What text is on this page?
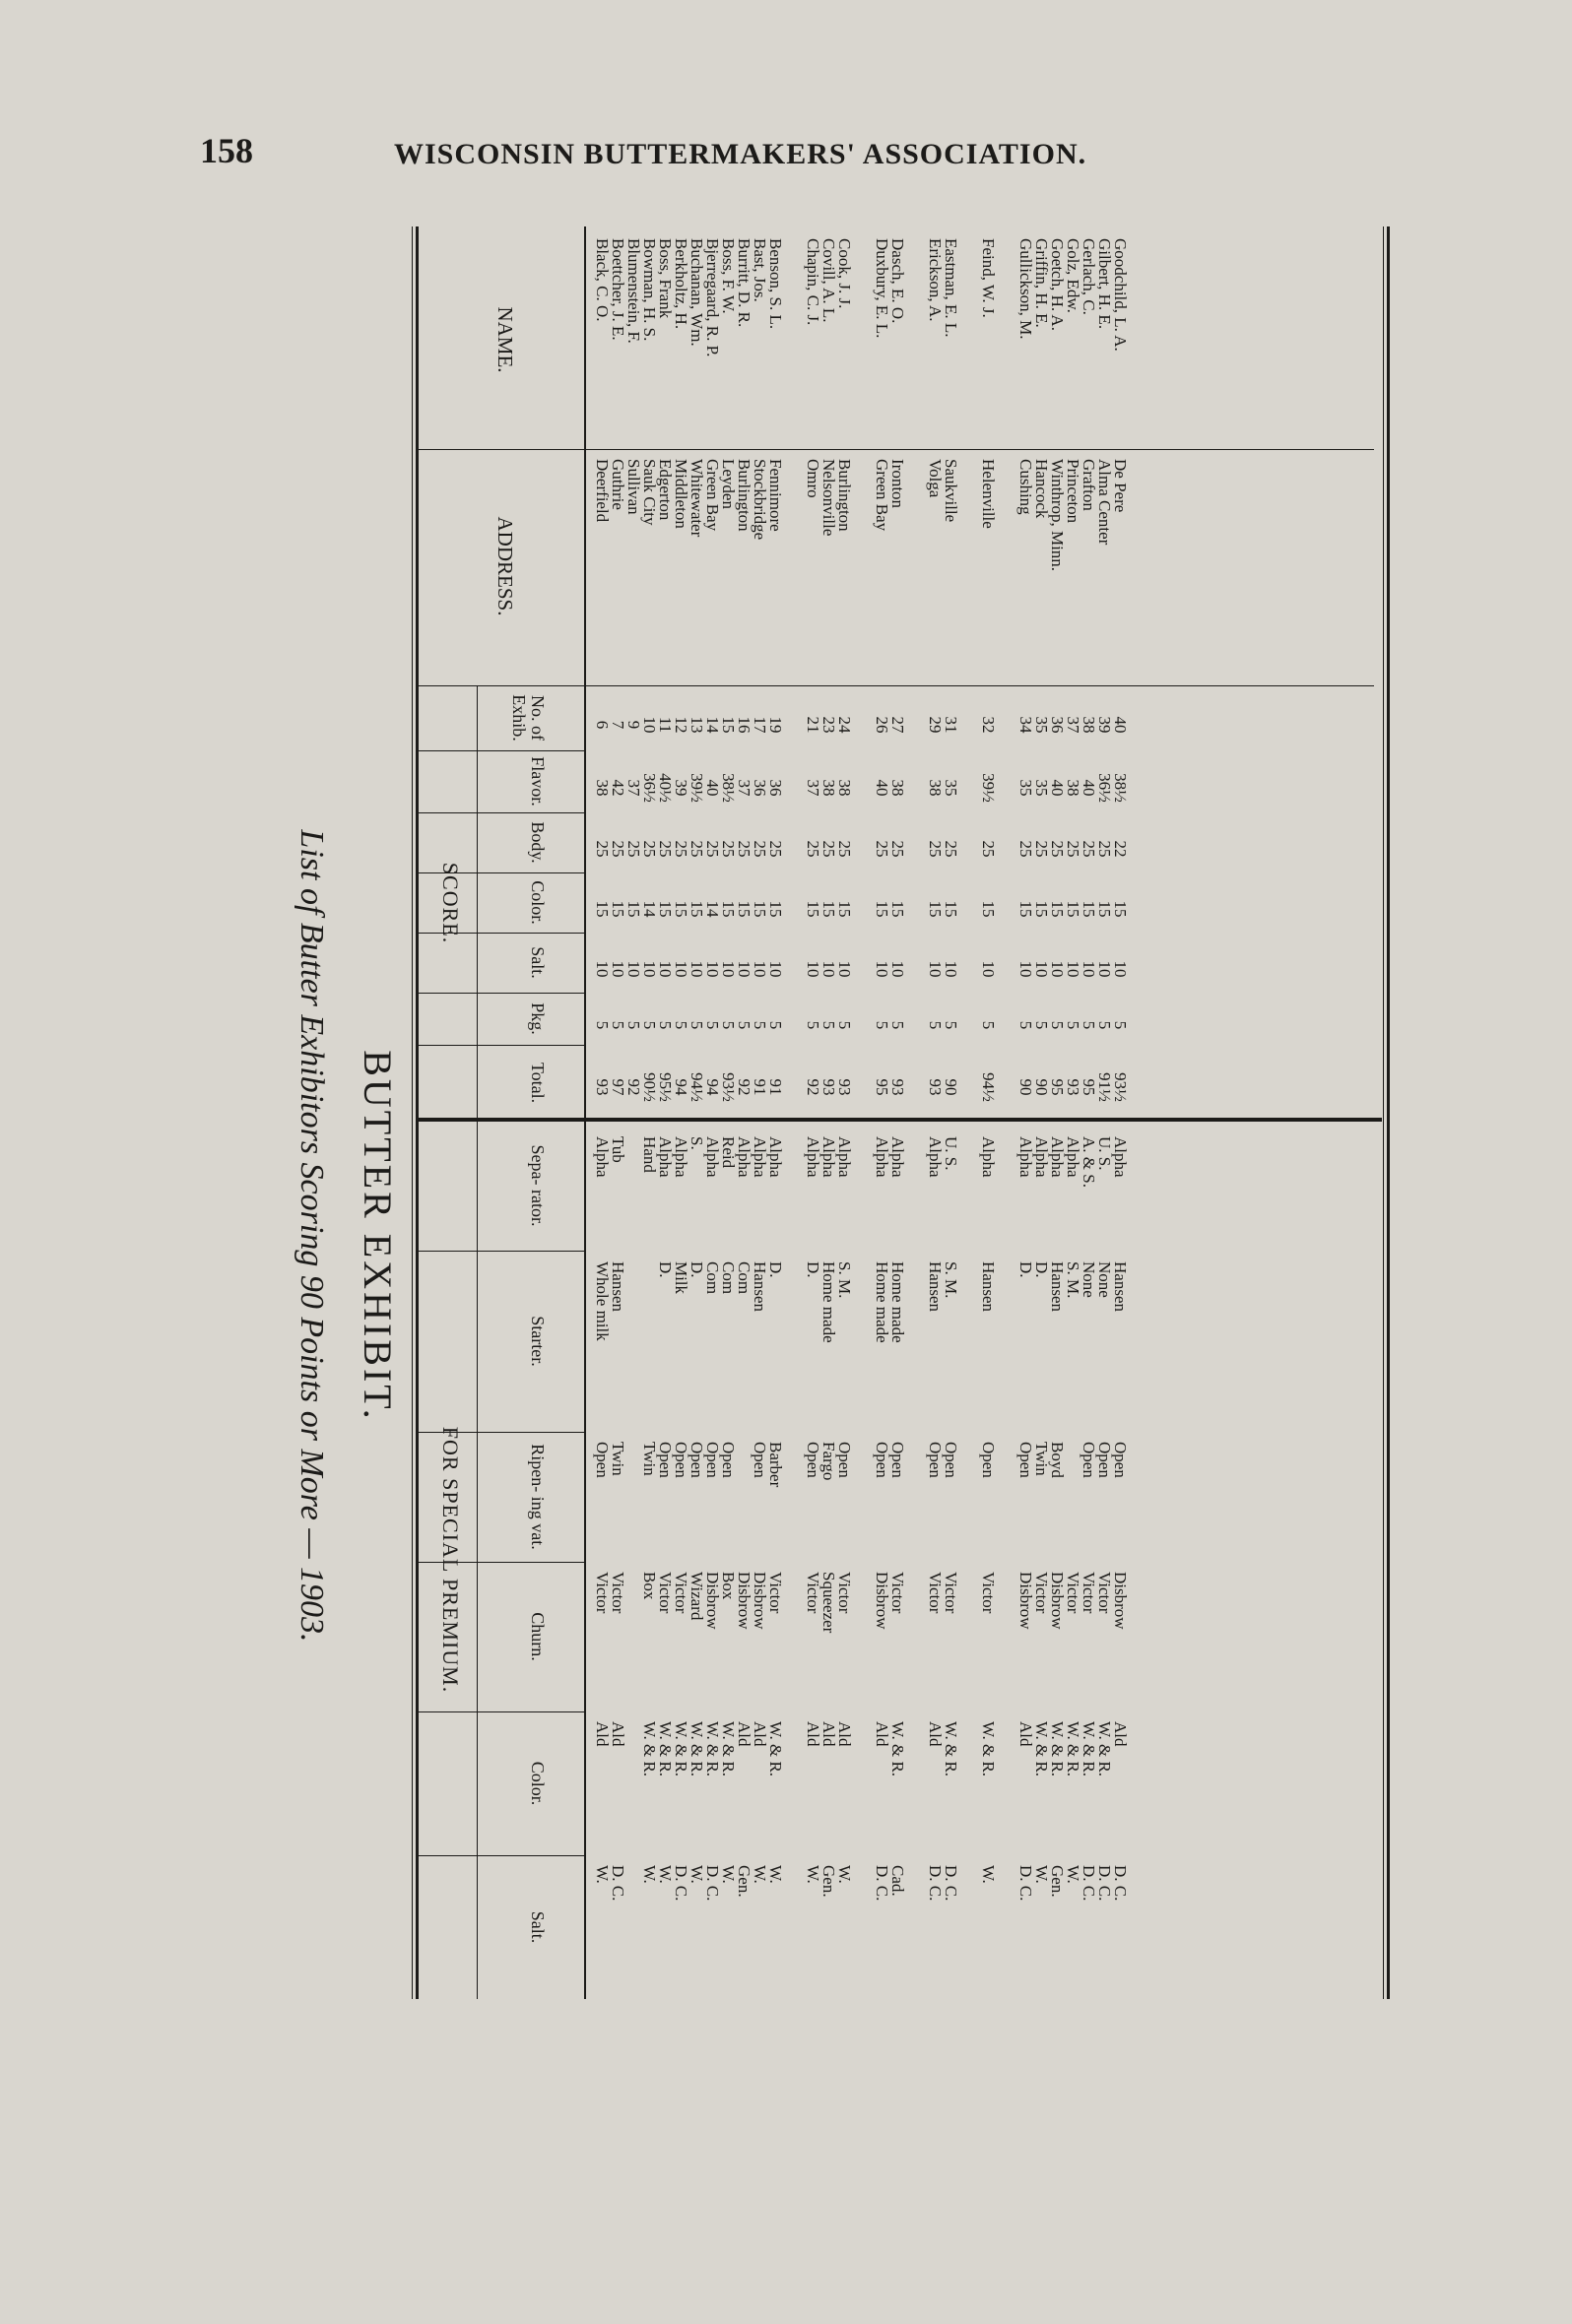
158	WISCONSIN BUTTERMAKERS' ASSOCIATION.
NAME.
ADDRESS.
SCORE.
FOR SPECIAL PREMIUM.
No. of Exhib.
Flavor.
Body.
Color.
Salt.
Pkg.
Total.
Sepa- rator.
Starter.
Ripen- ing vat.
Churn.
Color.
Salt.
Black, C. O.
Deerfield
6
38
25
15
10
5
93
Alpha
Whole milk
Open
Victor
Ald
W.
Boettcher, J. E.
Guthrie
7
42
25
15
10
5
97
Tub
Hansen
Twin
Victor
Ald
D. C.
Blumenstein, F.
Sullivan
9
37
25
15
10
5
92
Bowman, H. S.
Sauk City
10
36½
25
14
10
5
90½
Hand
Twin
Box
W. & R.
W.
Boss, Frank
Edgerton
11
40½
25
15
10
5
95½
Alpha
D.
Open
Victor
W. & R.
W.
Berkholtz, H.
Middleton
12
39
25
15
10
5
94
Alpha
Milk
Open
Victor
W. & R.
D. C.
Buchanan, Wm.
Whitewater
13
39½
25
15
10
5
94½
S.
D.
Open
Wizard
W. & R.
W.
Bjerregaard, R. P.
Green Bay
14
40
25
14
10
5
94
Alpha
Com
Open
Disbrow
W. & R.
D. C.
Boss, F. W.
Leyden
15
38½
25
15
10
5
93½
Reid
Com
Open
Box
W. & R.
W.
Burritt, D. R.
Burlington
16
37
25
15
10
5
92
Alpha
Com
Disbrow
Ald
Gen.
Bast, Jos.
Stockbridge
17
36
25
15
10
5
91
Alpha
Hansen
Open
Disbrow
Ald
W.
Benson, S. L.
Fennimore
19
36
25
15
10
5
91
Alpha
D.
Barber
Victor
W. & R.
W.
Chapin, C. J.
Omro
21
37
25
15
10
5
92
Alpha
D.
Open
Victor
Ald
W.
Covill, A. L.
Nelsonville
23
38
25
15
10
5
93
Alpha
Home made
Fargo
Squeezer
Ald
Gen.
Cook, J. J.
Burlington
24
38
25
15
10
5
93
Alpha
S. M.
Open
Victor
Ald
W.
Duxbury, E. L.
Green Bay
26
40
25
15
10
5
95
Alpha
Home made
Open
Disbrow
Ald
D. C.
Dasch, E. O.
Ironton
27
38
25
15
10
5
93
Alpha
Home made
Open
Victor
W. & R.
Cad.
Erickson, A.
Volga
29
38
25
15
10
5
93
Alpha
Hansen
Open
Victor
Ald
D. C.
Eastman, E. L.
Saukville
31
35
25
15
10
5
90
U. S.
S. M.
Open
Victor
W. & R.
D. C.
Feind, W. J.
Helenville
32
39½
25
15
10
5
94½
Alpha
Hansen
Open
Victor
W. & R.
W.
Gullickson, M.
Cushing
34
35
25
15
10
5
90
Alpha
D.
Open
Disbrow
Ald
D. C.
Griffin, H. E.
Hancock
35
35
25
15
10
5
90
Alpha
D.
Twin
Victor
W. & R.
W.
Goetch, H. A.
Winthrop, Minn.
36
40
25
15
10
5
95
Alpha
Hansen
Boyd
Disbrow
W. & R.
Gen.
Golz, Edw.
Princeton
37
38
25
15
10
5
93
Alpha
S. M.
Victor
W. & R.
W.
Gerlach, C.
Grafton
38
40
25
15
10
5
95
A. & S.
None
Open
Victor
W. & R.
D. C.
Gilbert, H. E.
Alma Center
39
36½
25
15
10
5
91½
U. S.
None
Open
Victor
W. & R.
D. C.
Goodchild, L. A.
De Pere
40
38½
22
15
10
5
93½
Alpha
Hansen
Open
Disbrow
Ald
D. C.
BUTTER EXHIBIT.
List of Butter Exhibitors Scoring 90 Points or More — 1903.
